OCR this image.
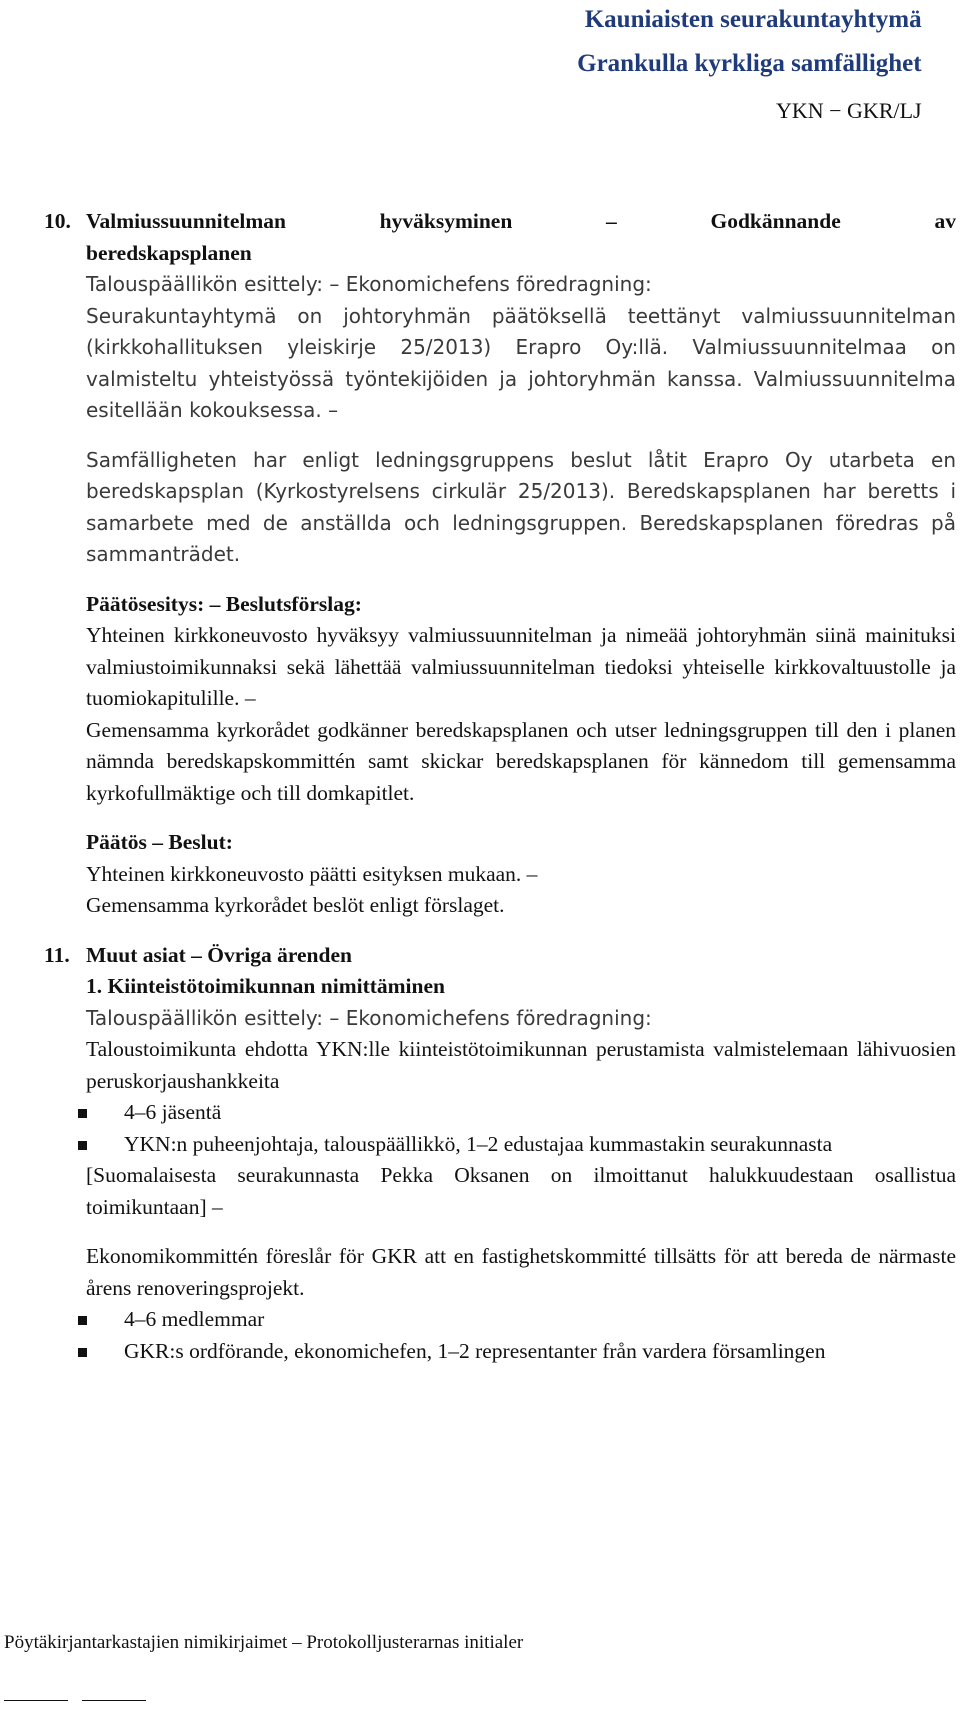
Kauniaisten seurakuntayhtymä
Grankulla kyrkliga samfällighet
YKN − GKR/LJ
10. Valmiussuunnitelman	hyväksyminen	–	Godkännande	av
beredskapsplanen
Talouspäällikön esittely: – Ekonomichefens föredragning:
Seurakuntayhtymä on johtoryhmän päätöksellä teettänyt valmiussuunnitelman (kirkkohallituksen yleiskirje 25/2013) Erapro Oy:llä. Valmiussuunnitelmaa on valmisteltu yhteistyössä työntekijöiden ja johtoryhmän kanssa. Valmiussuunnitelma esitellään kokouksessa. –
Samfälligheten har enligt ledningsgruppens beslut låtit Erapro Oy utarbeta en beredskapsplan (Kyrkostyrelsens cirkulär 25/2013). Beredskapsplanen har beretts i samarbete med de anställda och ledningsgruppen. Beredskapsplanen föredras på sammanträdet.
Päätösesitys: – Beslutsförslag:
Yhteinen kirkkoneuvosto hyväksyy valmiussuunnitelman ja nimeää johtoryhmän siinä mainituksi valmiustoimikunnaksi sekä lähettää valmiussuunnitelman tiedoksi yhteiselle kirkkovaltuustolle ja tuomiokapitulille. –
Gemensamma kyrkorådet godkänner beredskapsplanen och utser ledningsgruppen till den i planen nämnda beredskapskommittén samt skickar beredskapsplanen för kännedom till gemensamma kyrkofullmäktige och till domkapitlet.
Päätös – Beslut:
Yhteinen kirkkoneuvosto päätti esityksen mukaan. –
Gemensamma kyrkorådet beslöt enligt förslaget.
11. Muut asiat – Övriga ärenden
1. Kiinteistötoimikunnan nimittäminen
Talouspäällikön esittely: – Ekonomichefens föredragning:
Taloustoimikunta ehdotta YKN:lle kiinteistötoimikunnan perustamista valmistelemaan lähivuosien peruskorjaushankkeita
4–6 jäsentä
YKN:n puheenjohtaja, talouspäällikkö, 1–2 edustajaa kummastakin seurakunnasta
[Suomalaisesta seurakunnasta Pekka Oksanen on ilmoittanut halukkuudestaan osallistua toimikuntaan] –
Ekonomikommittén föreslår för GKR att en fastighetskommitté tillsätts för att bereda de närmaste årens renoveringsprojekt.
4–6 medlemmar
GKR:s ordförande, ekonomichefen, 1–2 representanter från vardera församlingen
Pöytäkirjantarkastajien nimikirjaimet – Protokolljusterarnas initialer
